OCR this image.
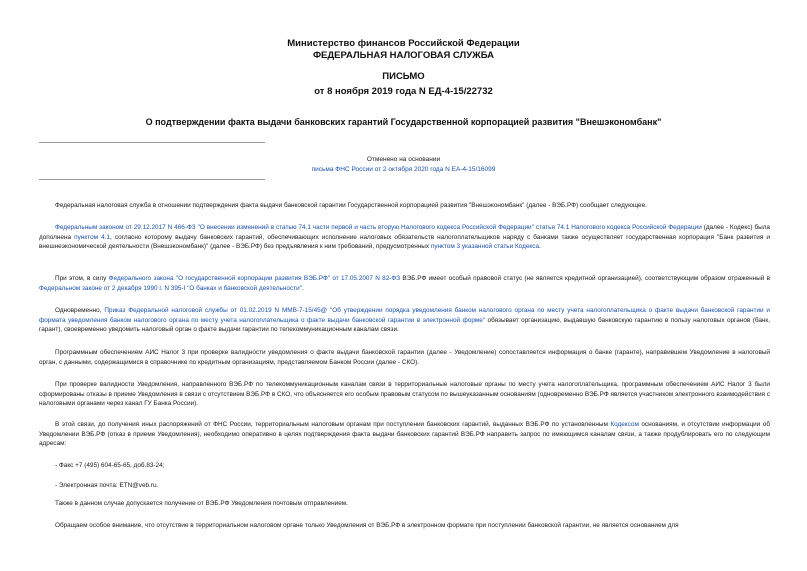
Министерство финансов Российской Федерации
ФЕДЕРАЛЬНАЯ НАЛОГОВАЯ СЛУЖБА
ПИСЬМО
от 8 ноября 2019 года N ЕД-4-15/22732
О подтверждении факта выдачи банковских гарантий Государственной корпорацией развития "Внешэкономбанк"
Отменено на основании
письма ФНС России от 2 октября 2020 года N ЕА-4-15/16099
Федеральная налоговая служба в отношении подтверждения факта выдачи банковской гарантии Государственной корпорацией развития "Внешэкономбанк" (далее - ВЭБ.РФ) сообщает следующее.
Федеральным законом от 29.12.2017 N 466-ФЗ "О внесении изменений в статью 74.1 части первой и часть вторую Налогового кодекса Российской Федерации" статья 74.1 Налогового кодекса Российской Федерации (далее - Кодекс) была дополнена пунктом 4.1, согласно которому выдачу банковских гарантий, обеспечивающих исполнение налоговых обязательств налогоплательщиков наряду с банками также осуществляет государственная корпорация "Банк развития и внешнеэкономической деятельности (Внешэкономбанк)" (далее - ВЭБ.РФ) без предъявления к ним требований, предусмотренных пунктом 3 указанной статьи Кодекса.
При этом, в силу Федерального закона "О государственной корпорации развития ВЭБ.РФ" от 17.05.2007 N 82-ФЗ ВЭБ.РФ имеет особый правовой статус (не является кредитной организацией), соответствующим образом отраженный в Федеральном законе от 2 декабря 1990 г. N 395-I "О банках и банковской деятельности".
Одновременно, Приказ Федеральной налоговой службы от 01.02.2019 N ММВ-7-15/45@ "Об утверждении порядка уведомления банком налогового органа по месту учета налогоплательщика о факте выдачи банковской гарантии и формата уведомления банком налогового органа по месту учета налогоплательщика о факте выдачи банковской гарантии в электронной форме" обязывает организацию, выдавшую банковскую гарантию в пользу налоговых органов (банк, гарант), своевременно уведомить налоговый орган о факте выдачи гарантии по телекоммуникационным каналам связи.
Программным обеспечением АИС Налог 3 при проверке валидности уведомления о факте выдачи банковской гарантии (далее - Уведомление) сопоставляется информация о банке (гаранте), направившем Уведомление в налоговый орган, с данными, содержащимися в справочнике по кредитным организациям, представляемом Банком России (далее - СКО).
При проверке валидности Уведомления, направленного ВЭБ.РФ по телекоммуникационным каналам связи в территориальные налоговые органы по месту учета налогоплательщика, программным обеспечением АИС Налог 3 были сформированы отказы в приеме Уведомления в связи с отсутствием ВЭБ.РФ в СКО, что объясняется его особым правовым статусом по вышеуказанным основаниям (одновременно ВЭБ.РФ является участником электронного взаимодействия с налоговыми органами через канал ГУ Банка России).
В этой связи, до получения иных распоряжений от ФНС России, территориальным налоговым органам при поступлении банковских гарантий, выданных ВЭБ.РФ по установленным Кодексом основаниям, и отсутствии информации об Уведомлении ВЭБ.РФ (отказ в приеме Уведомления), необходимо оперативно в целях подтверждения факта выдачи банковских гарантий ВЭБ.РФ направить запрос по имеющимся каналам связи, а также продублировать его по следующим адресам:
- Факс +7 (495) 604-65-65, доб.83-24;
- Электронная почта: ETN@veb.ru.
Также в данном случае допускается получение от ВЭБ.РФ Уведомления почтовым отправлением.
Обращаем особое внимание, что отсутствие в территориальном налоговом органе только Уведомления от ВЭБ.РФ в электронном формате при поступлении банковской гарантии, не является основанием для
